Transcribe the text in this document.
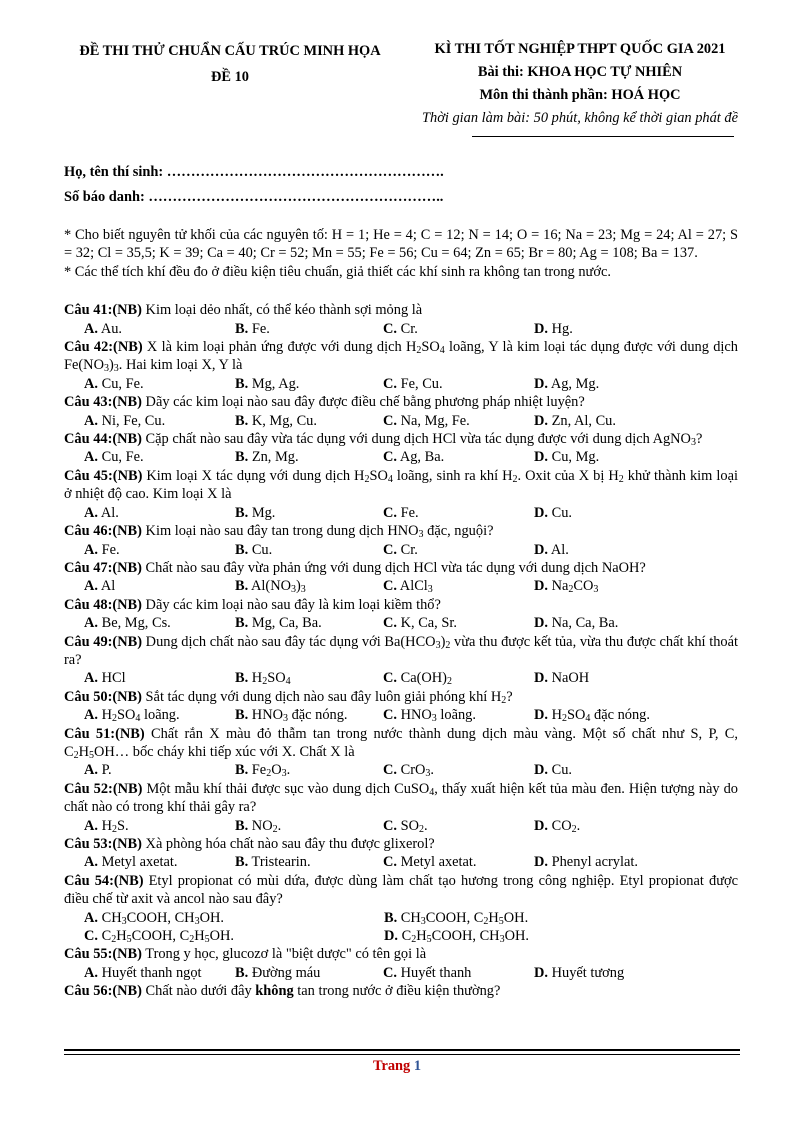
ĐỀ THI THỬ CHUẨN CẤU TRÚC MINH HỌA
ĐỀ 10
KÌ THI TỐT NGHIỆP THPT QUỐC GIA 2021
Bài thi: KHOA HỌC TỰ NHIÊN
Môn thi thành phần: HOÁ HỌC
Thời gian làm bài: 50 phút, không kể thời gian phát đề
Họ, tên thí sinh: ………………………………………………….
Số báo danh: ……………………………………………………..

* Cho biết nguyên tử khối của các nguyên tố: H = 1; He = 4; C = 12; N = 14; O = 16; Na = 23; Mg = 24; Al = 27; S = 32; Cl = 35,5; K = 39; Ca = 40; Cr = 52; Mn = 55; Fe = 56; Cu = 64; Zn = 65; Br = 80; Ag = 108; Ba = 137.

* Các thể tích khí đều đo ở điều kiện tiêu chuẩn, giả thiết các khí sinh ra không tan trong nước.

Câu 41:(NB) Kim loại dẻo nhất, có thể kéo thành sợi mỏng là

A. Au.	B. Fe.	C. Cr.	D. Hg.

Câu 42:(NB) X là kim loại phản ứng được với dung dịch $H_2SO_4$ loãng, Y là kim loại tác dụng được với dung dịch $Fe(NO_3)_3$. Hai kim loại X, Y là

A. Cu, Fe.	B. Mg, Ag.	C. Fe, Cu.	D. Ag, Mg.

Câu 43:(NB) Dãy các kim loại nào sau đây được điều chế bằng phương pháp nhiệt luyện?

A. Ni, Fe, Cu.	B. K, Mg, Cu.	C. Na, Mg, Fe.	D. Zn, Al, Cu.

Câu 44:(NB) Cặp chất nào sau đây vừa tác dụng với dung dịch HCl vừa tác dụng được với dung dịch AgNO$_3$?

A. Cu, Fe.	B. Zn, Mg.	C. Ag, Ba.	D. Cu, Mg.

Câu 45:(NB) Kim loại X tác dụng với dung dịch $H_2SO_4$ loãng, sinh ra khí $H_2$. Oxit của X bị $H_2$ khử thành kim loại ở nhiệt độ cao. Kim loại X là

A. Al.	B. Mg.	C. Fe.	D. Cu.

Câu 46:(NB) Kim loại nào sau đây tan trong dung dịch $HNO_3$ đặc, nguội?

A. Fe.	B. Cu.	C. Cr.	D. Al.

Câu 47:(NB) Chất nào sau đây vừa phản ứng với dung dịch HCl vừa tác dụng với dung dịch NaOH?

A. Al	B. $Al(NO_3)_3$	C. AlCl$_3$	D. $Na_2CO_3$

Câu 48:(NB) Dãy các kim loại nào sau đây là kim loại kiềm thổ?

A. Be, Mg, Cs.	B. Mg, Ca, Ba.	C. K, Ca, Sr.	D. Na, Ca, Ba.

Câu 49:(NB) Dung dịch chất nào sau đây tác dụng với $Ba(HCO_3)_2$ vừa thu được kết tủa, vừa thu được chất khí thoát ra?

A. HCl	B. $H_2SO_4$	C. $Ca(OH)_2$	D. NaOH

Câu 50:(NB) Sắt tác dụng với dung dịch nào sau đây luôn giải phóng khí $H_2$?

A. $H_2SO_4$ loãng.	B. $HNO_3$ đặc nóng.	C. $HNO_3$ loãng.	D. $H_2SO_4$ đặc nóng.

Câu 51:(NB) Chất rắn X màu đỏ thẫm tan trong nước thành dung dịch màu vàng. Một số chất như S, P, C, $C_2H_5OH\dots$ bốc cháy khi tiếp xúc với X. Chất X là

A. P.	B. $Fe_2O_3$.	C. CrO$_3$.	D. Cu.

Câu 52:(NB) Một mẫu khí thải được sục vào dung dịch CuSO$_4$, thấy xuất hiện kết tủa màu đen. Hiện tượng này do chất nào có trong khí thải gây ra?

A. $H_2S$.	B. $NO_2$.	C. $SO_2$.	D. $CO_2$.

Câu 53:(NB) Xà phòng hóa chất nào sau đây thu được glixerol?

A. Metyl axetat.	B. Tristearin.	C. Metyl axetat.	D. Phenyl acrylat.

Câu 54:(NB) Etyl propionat có mùi dứa, được dùng làm chất tạo hương trong công nghiệp. Etyl propionat được điều chế từ axit và ancol nào sau đây?

A. $CH_3COOH$, $CH_3OH$.	B. $CH_3COOH$, $C_2H_5OH$.
C. $C_2H_5COOH$, $C_2H_5OH$.	D. $C_2H_5COOH$, $CH_3OH$.

Câu 55:(NB) Trong y học, glucozơ là "biệt dược" có tên gọi là

A. Huyết thanh ngọt	B. Đường máu	C. Huyết thanh	D. Huyết tương

Câu 56:(NB) Chất nào dưới đây không tan trong nước ở điều kiện thường?

Trang 1
